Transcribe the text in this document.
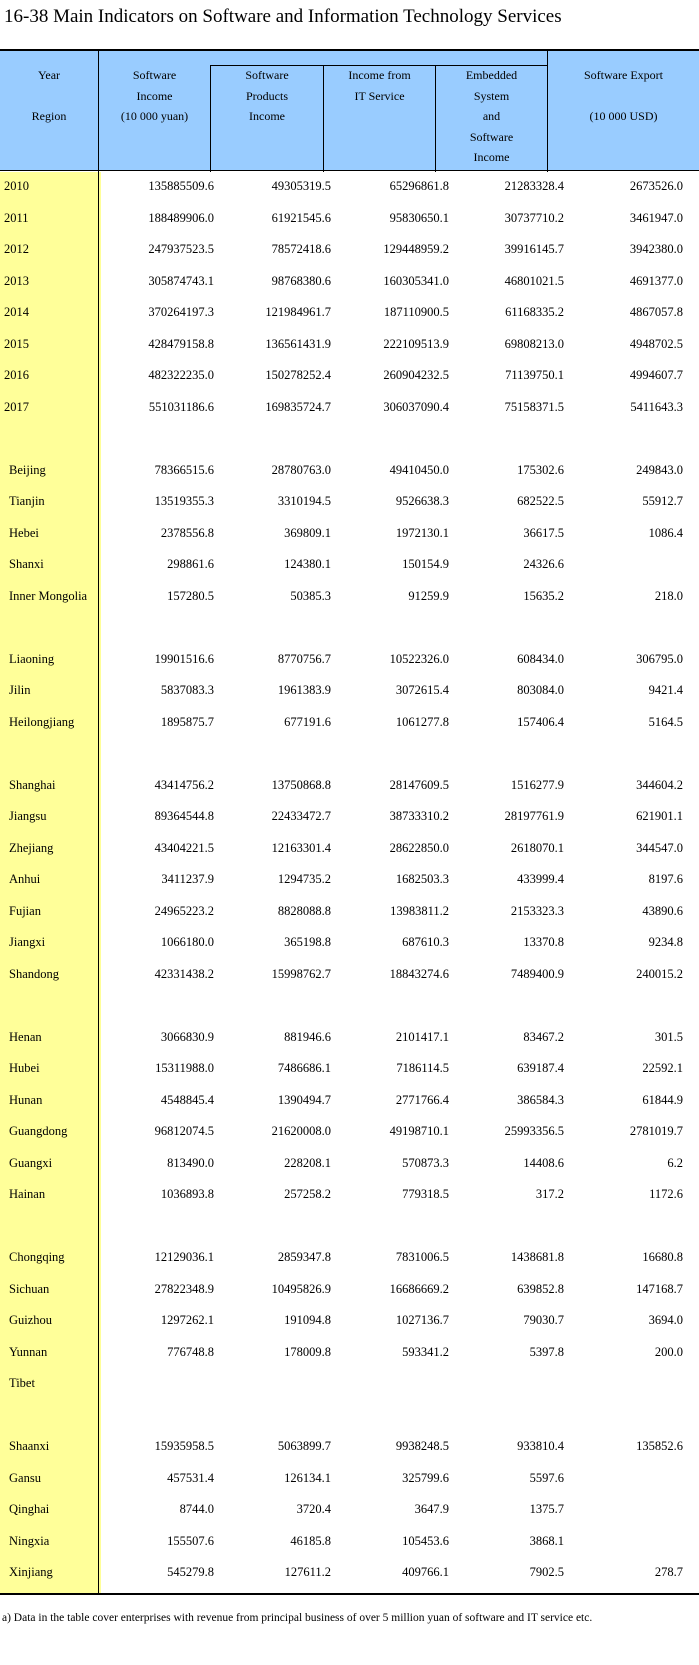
16-38 Main Indicators on Software and Information Technology Services
Year

Region
Software
Income
(10 000 yuan)
Software
Products
Income
Income from
IT Service
Embedded
System
and
Software
Income
Software Export

(10 000 USD)
2010	135885509.6	49305319.5	65296861.8	21283328.4	2673526.0
2011	188489906.0	61921545.6	95830650.1	30737710.2	3461947.0
2012	247937523.5	78572418.6	129448959.2	39916145.7	3942380.0
2013	305874743.1	98768380.6	160305341.0	46801021.5	4691377.0
2014	370264197.3	121984961.7	187110900.5	61168335.2	4867057.8
2015	428479158.8	136561431.9	222109513.9	69808213.0	4948702.5
2016	482322235.0	150278252.4	260904232.5	71139750.1	4994607.7
2017	551031186.6	169835724.7	306037090.4	75158371.5	5411643.3
Beijing	78366515.6	28780763.0	49410450.0	175302.6	249843.0
Tianjin	13519355.3	3310194.5	9526638.3	682522.5	55912.7
Hebei	2378556.8	369809.1	1972130.1	36617.5	1086.4
Shanxi	298861.6	124380.1	150154.9	24326.6
Inner Mongolia	157280.5	50385.3	91259.9	15635.2	218.0
Liaoning	19901516.6	8770756.7	10522326.0	608434.0	306795.0
Jilin	5837083.3	1961383.9	3072615.4	803084.0	9421.4
Heilongjiang	1895875.7	677191.6	1061277.8	157406.4	5164.5
Shanghai	43414756.2	13750868.8	28147609.5	1516277.9	344604.2
Jiangsu	89364544.8	22433472.7	38733310.2	28197761.9	621901.1
Zhejiang	43404221.5	12163301.4	28622850.0	2618070.1	344547.0
Anhui	3411237.9	1294735.2	1682503.3	433999.4	8197.6
Fujian	24965223.2	8828088.8	13983811.2	2153323.3	43890.6
Jiangxi	1066180.0	365198.8	687610.3	13370.8	9234.8
Shandong	42331438.2	15998762.7	18843274.6	7489400.9	240015.2
Henan	3066830.9	881946.6	2101417.1	83467.2	301.5
Hubei	15311988.0	7486686.1	7186114.5	639187.4	22592.1
Hunan	4548845.4	1390494.7	2771766.4	386584.3	61844.9
Guangdong	96812074.5	21620008.0	49198710.1	25993356.5	2781019.7
Guangxi	813490.0	228208.1	570873.3	14408.6	6.2
Hainan	1036893.8	257258.2	779318.5	317.2	1172.6
Chongqing	12129036.1	2859347.8	7831006.5	1438681.8	16680.8
Sichuan	27822348.9	10495826.9	16686669.2	639852.8	147168.7
Guizhou	1297262.1	191094.8	1027136.7	79030.7	3694.0
Yunnan	776748.8	178009.8	593341.2	5397.8	200.0
Tibet
Shaanxi	15935958.5	5063899.7	9938248.5	933810.4	135852.6
Gansu	457531.4	126134.1	325799.6	5597.6
Qinghai	8744.0	3720.4	3647.9	1375.7
Ningxia	155507.6	46185.8	105453.6	3868.1
Xinjiang	545279.8	127611.2	409766.1	7902.5	278.7
a) Data in the table cover enterprises with revenue from principal business of over 5 million yuan of software and IT service etc.
